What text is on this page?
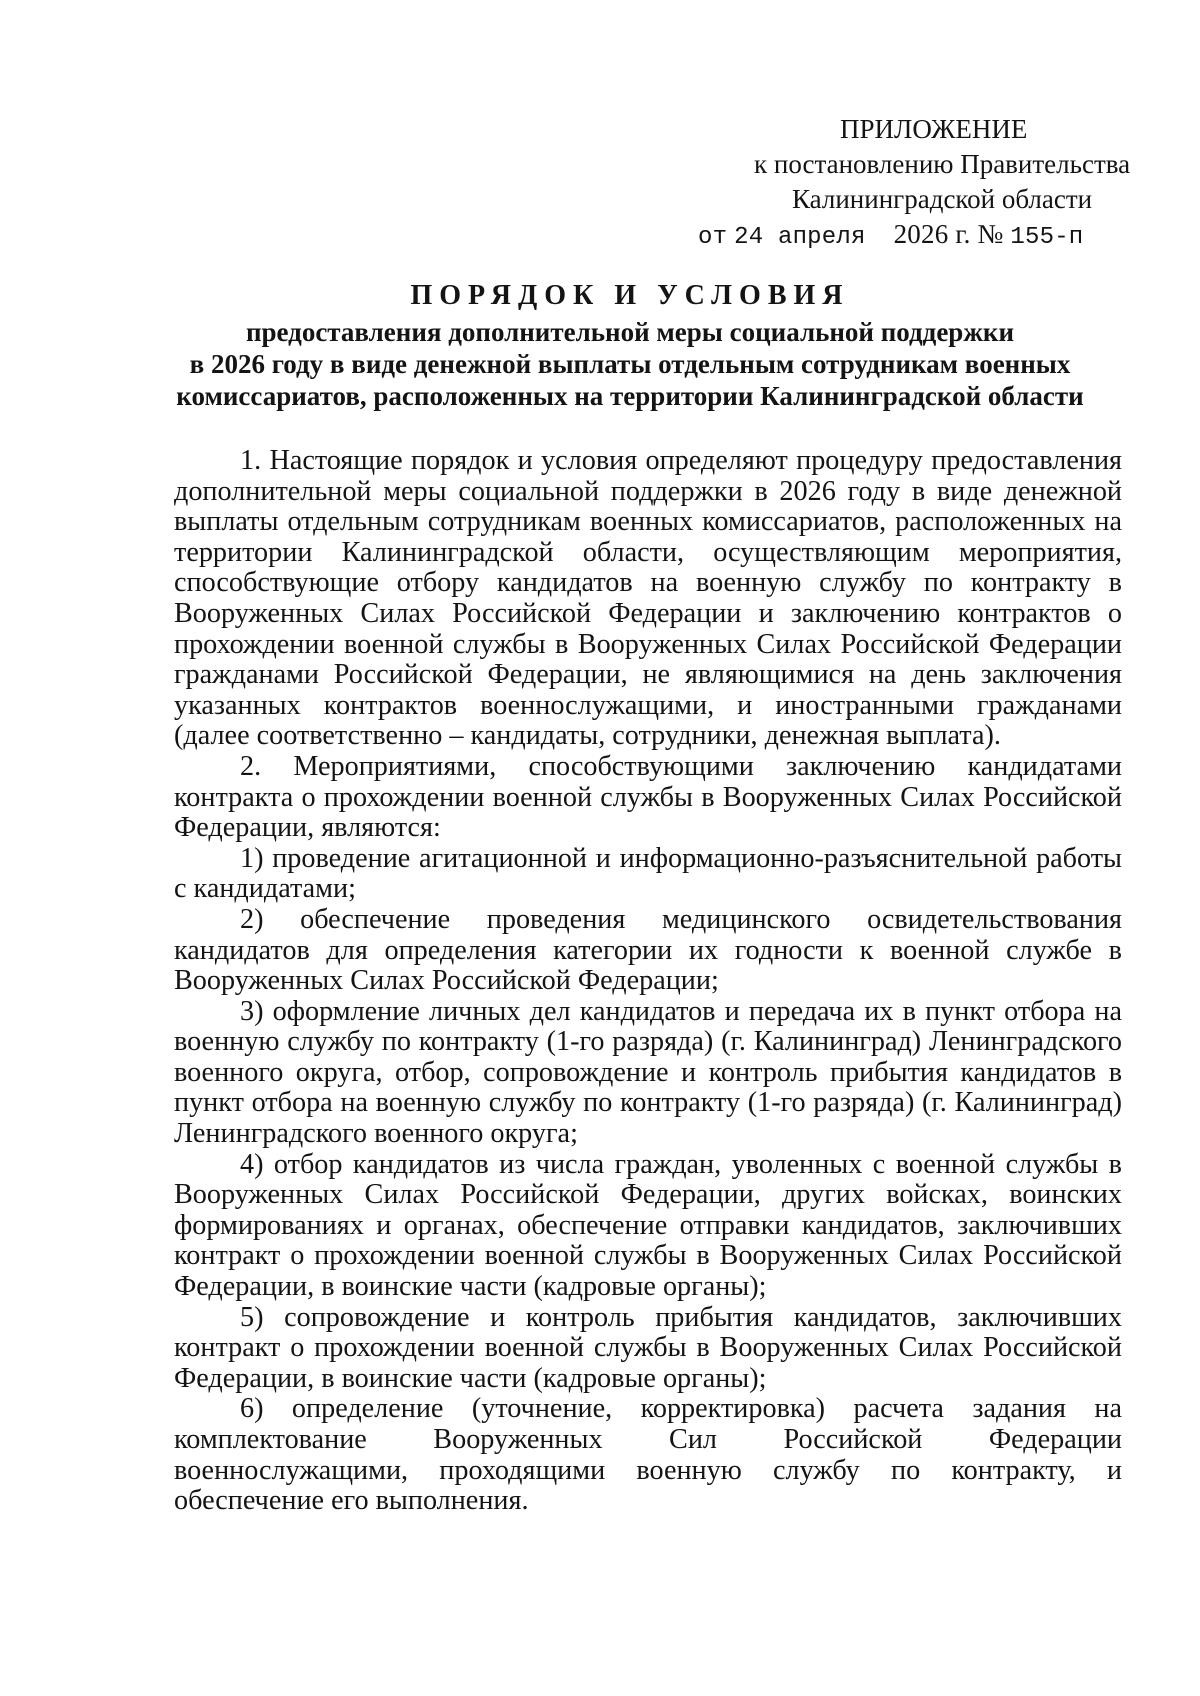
ПРИЛОЖЕНИЕ
к постановлению Правительства
Калининградской области
от 24 апреля 2026 г. № 155-п
ПОРЯДОК И УСЛОВИЯ
предоставления дополнительной меры социальной поддержки
в 2026 году в виде денежной выплаты отдельным сотрудникам военных
комиссариатов, расположенных на территории Калининградской области

1. Настоящие порядок и условия определяют процедуру предоставления дополнительной меры социальной поддержки в 2026 году в виде денежной выплаты отдельным сотрудникам военных комиссариатов, расположенных на территории Калининградской области, осуществляющим мероприятия, способствующие отбору кандидатов на военную службу по контракту в Вооруженных Силах Российской Федерации и заключению контрактов о прохождении военной службы в Вооруженных Силах Российской Федерации гражданами Российской Федерации, не являющимися на день заключения указанных контрактов военнослужащими, и иностранными гражданами (далее соответственно – кандидаты, сотрудники, денежная выплата).

2. Мероприятиями, способствующими заключению кандидатами контракта о прохождении военной службы в Вооруженных Силах Российской Федерации, являются:

1) проведение агитационной и информационно-разъяснительной работы с кандидатами;

2) обеспечение проведения медицинского освидетельствования кандидатов для определения категории их годности к военной службе в Вооруженных Силах Российской Федерации;

3) оформление личных дел кандидатов и передача их в пункт отбора на военную службу по контракту (1-го разряда) (г. Калининград) Ленинградского военного округа, отбор, сопровождение и контроль прибытия кандидатов в пункт отбора на военную службу по контракту (1-го разряда) (г. Калининград) Ленинградского военного округа;

4) отбор кандидатов из числа граждан, уволенных с военной службы в Вооруженных Силах Российской Федерации, других войсках, воинских формированиях и органах, обеспечение отправки кандидатов, заключивших контракт о прохождении военной службы в Вооруженных Силах Российской Федерации, в воинские части (кадровые органы);

5) сопровождение и контроль прибытия кандидатов, заключивших контракт о прохождении военной службы в Вооруженных Силах Российской Федерации, в воинские части (кадровые органы);

6) определение (уточнение, корректировка) расчета задания на комплектование Вооруженных Сил Российской Федерации военнослужащими, проходящими военную службу по контракту, и обеспечение его выполнения.
